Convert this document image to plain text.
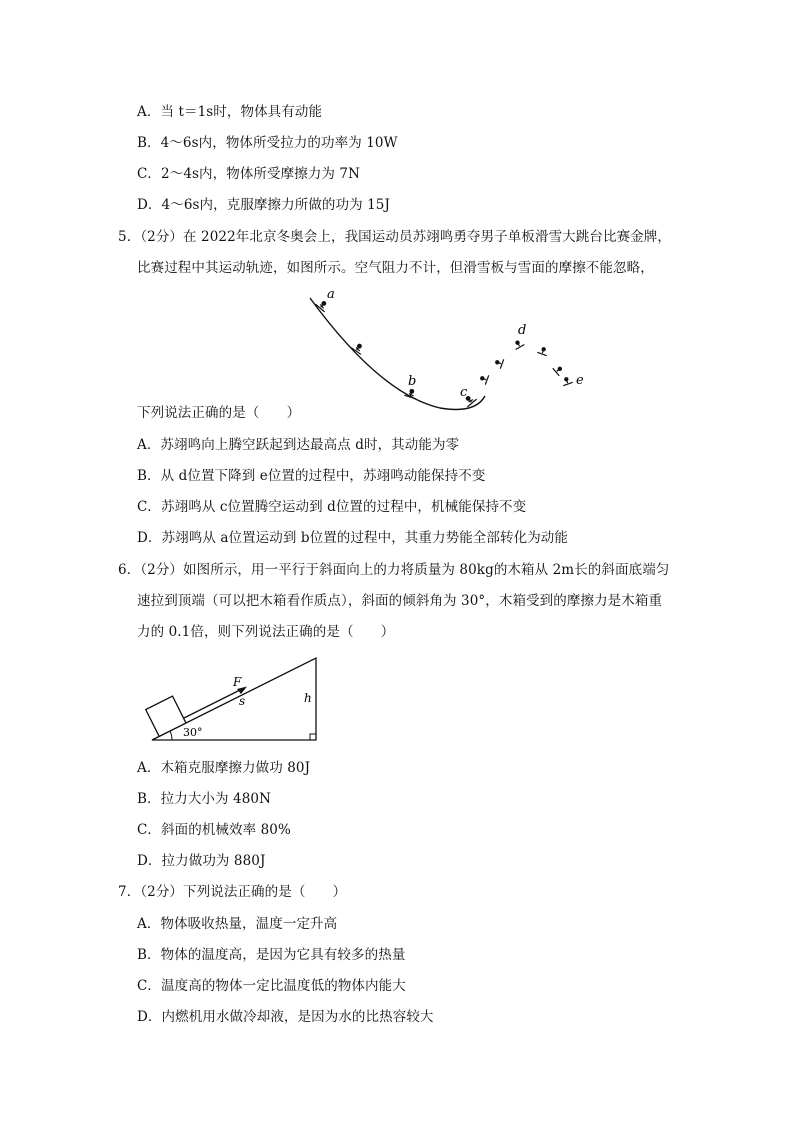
A．当 t＝1s时，物体具有动能
B．4～6s内，物体所受拉力的功率为 10W
C．2～4s内，物体所受摩擦力为 7N
D．4～6s内，克服摩擦力所做的功为 15J
5．（2分）在 2022年北京冬奥会上，我国运动员苏翊鸣勇夺男子单板滑雪大跳台比赛金牌，
比赛过程中其运动轨迹，如图所示。空气阻力不计，但滑雪板与雪面的摩擦不能忽略，
a
b
c
d
e
下列说法正确的是（　　）
A．苏翊鸣向上腾空跃起到达最高点 d时，其动能为零
B．从 d位置下降到 e位置的过程中，苏翊鸣动能保持不变
C．苏翊鸣从 c位置腾空运动到 d位置的过程中，机械能保持不变
D．苏翊鸣从 a位置运动到 b位置的过程中，其重力势能全部转化为动能
6．（2分）如图所示，用一平行于斜面向上的力将质量为 80kg的木箱从 2m长的斜面底端匀
速拉到顶端（可以把木箱看作质点），斜面的倾斜角为 30°，木箱受到的摩擦力是木箱重
力的 0.1倍，则下列说法正确的是（　　）
F
s	h
30°
A．木箱克服摩擦力做功 80J
B．拉力大小为 480N
C．斜面的机械效率 80%
D．拉力做功为 880J
7．（2分）下列说法正确的是（　　）
A．物体吸收热量，温度一定升高
B．物体的温度高，是因为它具有较多的热量
C．温度高的物体一定比温度低的物体内能大
D．内燃机用水做冷却液，是因为水的比热容较大
